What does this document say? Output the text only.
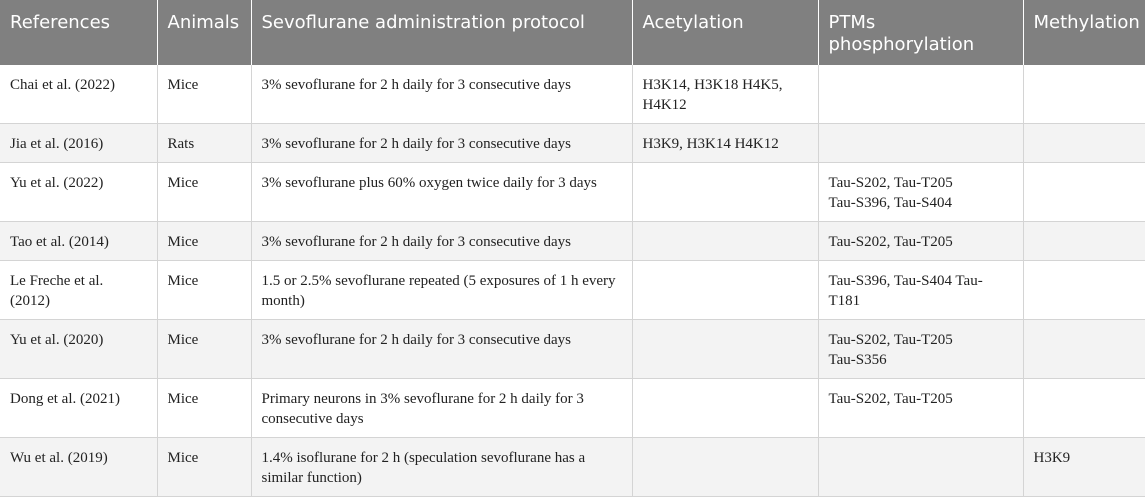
References	Animals	Sevoflurane administration protocol	Acetylation	PTMs phosphorylation	Methylation
Chai et al. (2022)	Mice	3% sevoflurane for 2 h daily for 3 consecutive days	H3K14, H3K18 H4K5, H4K12		
Jia et al. (2016)	Rats	3% sevoflurane for 2 h daily for 3 consecutive days	H3K9, H3K14 H4K12		
Yu et al. (2022)	Mice	3% sevoflurane plus 60% oxygen twice daily for 3 days		Tau-S202, Tau-T205
Tau-S396, Tau-S404	
Tao et al. (2014)	Mice	3% sevoflurane for 2 h daily for 3 consecutive days		Tau-S202, Tau-T205	
Le Freche et al. (2012)	Mice	1.5 or 2.5% sevoflurane repeated (5 exposures of 1 h every month)		Tau-S396, Tau-S404 Tau-T181	
Yu et al. (2020)	Mice	3% sevoflurane for 2 h daily for 3 consecutive days		Tau-S202, Tau-T205
Tau-S356	
Dong et al. (2021)	Mice	Primary neurons in 3% sevoflurane for 2 h daily for 3 consecutive days		Tau-S202, Tau-T205	
Wu et al. (2019)	Mice	1.4% isoflurane for 2 h (speculation sevoflurane has a similar function)			H3K9
